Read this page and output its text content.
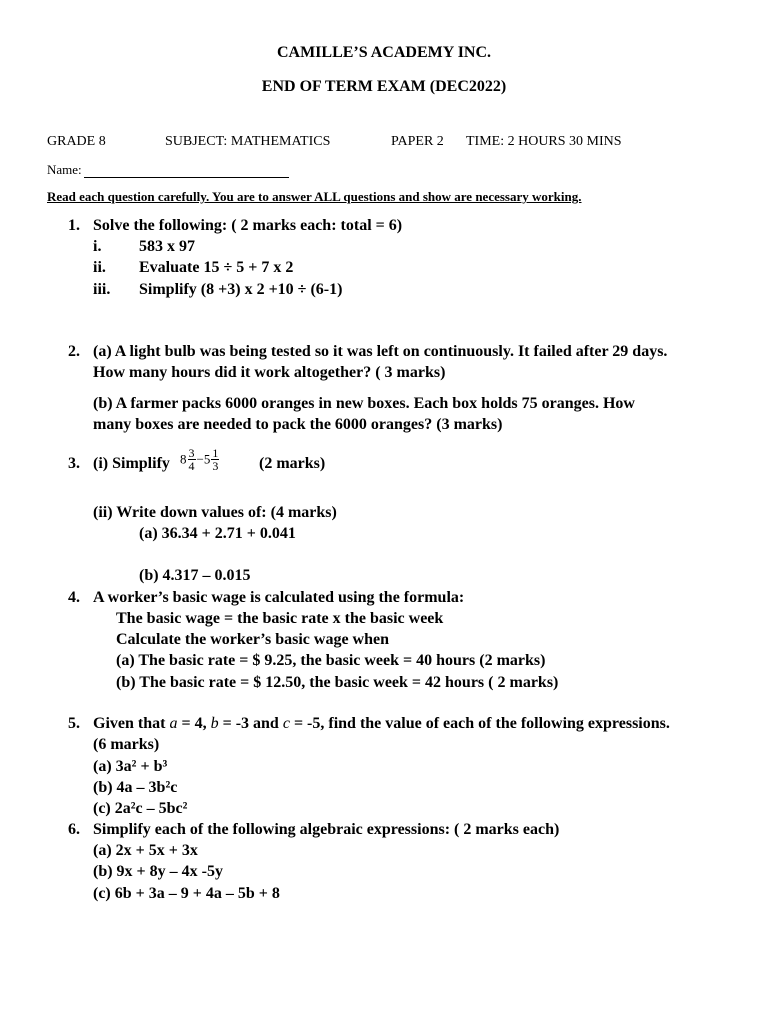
CAMILLE’S ACADEMY INC.
END OF TERM EXAM (DEC2022)
GRADE 8	SUBJECT: MATHEMATICS	PAPER 2 TIME: 2 HOURS 30 MINS
Name:
Read each question carefully. You are to answer ALL questions and show are necessary working.
1. Solve the following: ( 2 marks each: total = 6)
i. 583 x 97
ii. Evaluate 15 ÷ 5 + 7 x 2
iii. Simplify (8 +3) x 2 +10 ÷ (6-1)
2. (a) A light bulb was being tested so it was left on continuously. It failed after 29 days.
How many hours did it work altogether? ( 3 marks)
(b) A farmer packs 6000 oranges in new boxes. Each box holds 75 oranges. How
many boxes are needed to pack the 6000 oranges? (3 marks)
3. (i) Simplify $8 \frac{3}{4} -5 \frac{1}{3} (2$ marks)
(ii) Write down values of: (4 marks)
(a) 36.34 + 2.71 + 0.041
(b) 4.317 – 0.015
4. A worker’s basic wage is calculated using the formula:
The basic wage = the basic rate x the basic week
Calculate the worker’s basic wage when
(a) The basic rate = $ 9.25, the basic week = 40 hours (2 marks)
(b) The basic rate = $ 12.50, the basic week = 42 hours ( 2 marks)
5. Given that a = 4, b = -3 and c = -5, find the value of each of the following expressions.
(6 marks)
(a) 3a² + b³
(b) 4a – 3b²c
(c) 2a²c – 5bc²
6. Simplify each of the following algebraic expressions: ( 2 marks each)
(a) 2x + 5x + 3x
(b) 9x + 8y – 4x -5y
(c) 6b + 3a – 9 + 4a – 5b + 8
